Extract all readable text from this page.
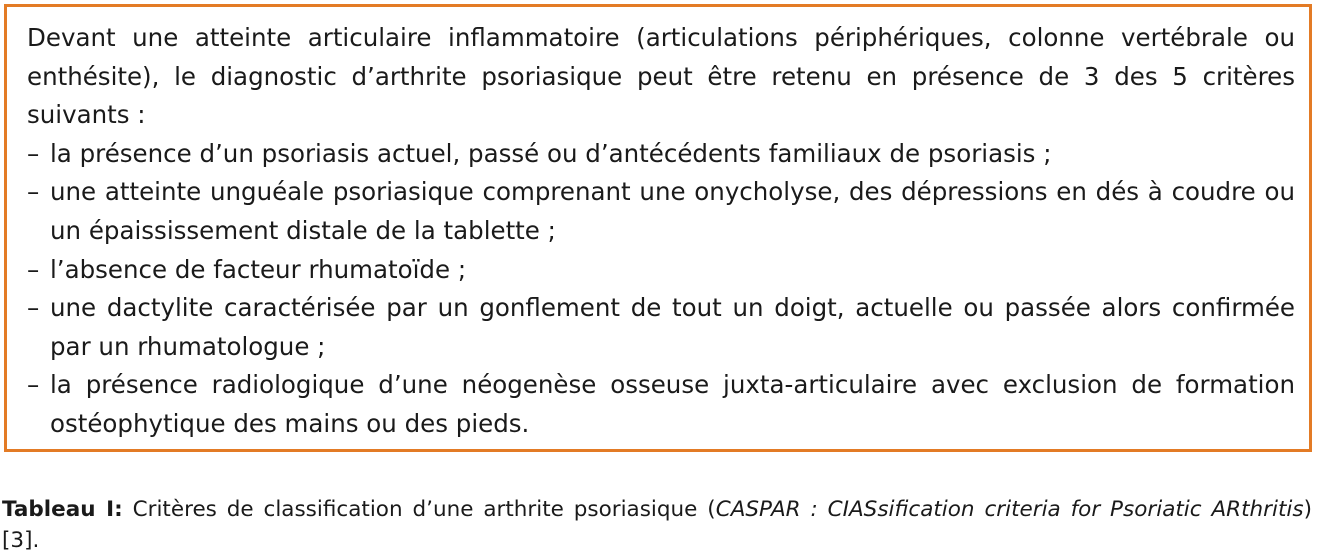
Devant une atteinte articulaire inflammatoire (articulations périphériques, colonne vertébrale ou enthésite), le diagnostic d’arthrite psoriasique peut être retenu en présence de 3 des 5 critères suivants :

– la présence d’un psoriasis actuel, passé ou d’antécédents familiaux de psoriasis ;

– une atteinte unguéale psoriasique comprenant une onycholyse, des dépressions en dés à coudre ou un épaississement distale de la tablette ;

– l’absence de facteur rhumatoïde ;

– une dactylite caractérisée par un gonflement de tout un doigt, actuelle ou passée alors confirmée par un rhumatologue ;

– la présence radiologique d’une néogenèse osseuse juxta-articulaire avec exclusion de formation ostéophytique des mains ou des pieds.

Tableau I: Critères de classification d’une arthrite psoriasique (CASPAR : CIASsification criteria for Psoriatic ARthritis) [3].
